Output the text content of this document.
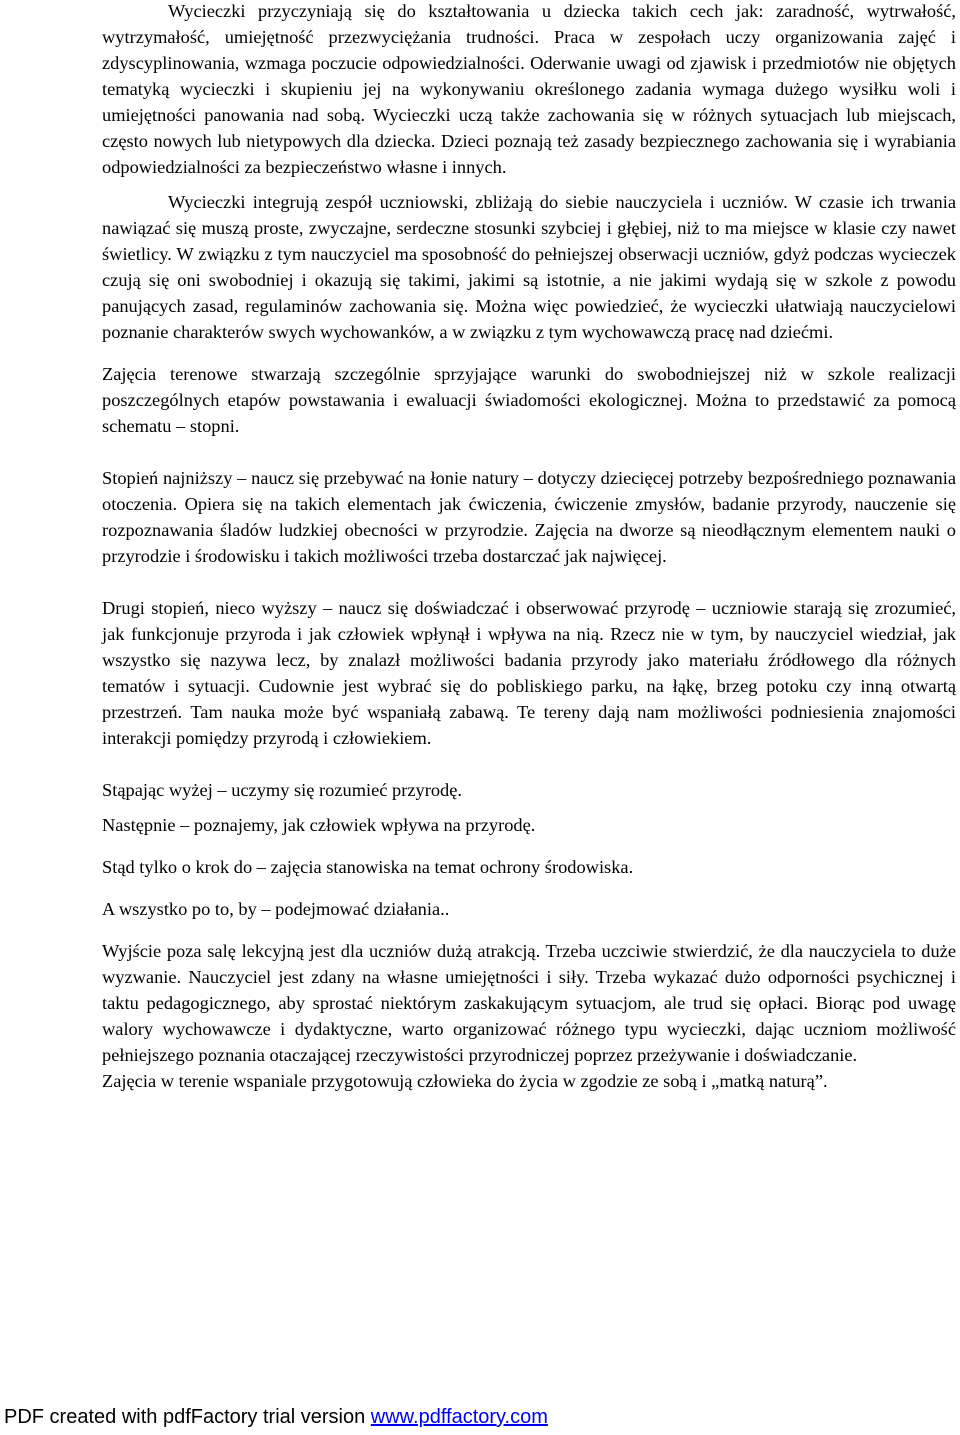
Wycieczki przyczyniają się do kształtowania u dziecka takich cech jak: zaradność, wytrwałość, wytrzymałość, umiejętność przezwyciężania trudności. Praca w zespołach uczy organizowania zajęć i zdyscyplinowania, wzmaga poczucie odpowiedzialności. Oderwanie uwagi od zjawisk i przedmiotów nie objętych tematyką wycieczki i skupieniu jej na wykonywaniu określonego zadania wymaga dużego wysiłku woli i umiejętności panowania nad sobą. Wycieczki uczą także zachowania się w różnych sytuacjach lub miejscach, często nowych lub nietypowych dla dziecka. Dzieci poznają też zasady bezpiecznego zachowania się i wyrabiania odpowiedzialności za bezpieczeństwo własne i innych.

Wycieczki integrują zespół uczniowski, zbliżają do siebie nauczyciela i uczniów. W czasie ich trwania nawiązać się muszą proste, zwyczajne, serdeczne stosunki szybciej i głębiej, niż to ma miejsce w klasie czy nawet świetlicy. W związku z tym nauczyciel ma sposobność do pełniejszej obserwacji uczniów, gdyż podczas wycieczek czują się oni swobodniej i okazują się takimi, jakimi są istotnie, a nie jakimi wydają się w szkole z powodu panujących zasad, regulaminów zachowania się. Można więc powiedzieć, że wycieczki ułatwiają nauczycielowi poznanie charakterów swych wychowanków, a w związku z tym wychowawczą pracę nad dziećmi.

Zajęcia terenowe stwarzają szczególnie sprzyjające warunki do swobodniejszej niż w szkole realizacji poszczególnych etapów powstawania i ewaluacji świadomości ekologicznej. Można to przedstawić za pomocą schematu – stopni.

Stopień najniższy – naucz się przebywać na łonie natury – dotyczy dziecięcej potrzeby bezpośredniego poznawania otoczenia. Opiera się na takich elementach jak ćwiczenia, ćwiczenie zmysłów, badanie przyrody, nauczenie się rozpoznawania śladów ludzkiej obecności w przyrodzie. Zajęcia na dworze są nieodłącznym elementem nauki o przyrodzie i środowisku i takich możliwości trzeba dostarczać jak najwięcej.

Drugi stopień, nieco wyższy – naucz się doświadczać i obserwować przyrodę – uczniowie starają się zrozumieć, jak funkcjonuje przyroda i jak człowiek wpłynął i wpływa na nią. Rzecz nie w tym, by nauczyciel wiedział, jak wszystko się nazywa lecz, by znalazł możliwości badania przyrody jako materiału źródłowego dla różnych tematów i sytuacji. Cudownie jest wybrać się do pobliskiego parku, na łąkę, brzeg potoku czy inną otwartą przestrzeń. Tam nauka może być wspaniałą zabawą. Te tereny dają nam możliwości podniesienia znajomości interakcji pomiędzy przyrodą i człowiekiem.

Stąpając wyżej – uczymy się rozumieć przyrodę.

Następnie – poznajemy, jak człowiek wpływa na przyrodę.

Stąd tylko o krok do – zajęcia stanowiska na temat ochrony środowiska.

A wszystko po to, by – podejmować działania..

Wyjście poza salę lekcyjną jest dla uczniów dużą atrakcją. Trzeba uczciwie stwierdzić, że dla nauczyciela to duże wyzwanie. Nauczyciel jest zdany na własne umiejętności i siły. Trzeba wykazać dużo odporności psychicznej i taktu pedagogicznego, aby sprostać niektórym zaskakującym sytuacjom, ale trud się opłaci. Biorąc pod uwagę walory wychowawcze i dydaktyczne, warto organizować różnego typu wycieczki, dając uczniom możliwość pełniejszego poznania otaczającej rzeczywistości przyrodniczej poprzez przeżywanie i doświadczanie.

Zajęcia w terenie wspaniale przygotowują człowieka do życia w zgodzie ze sobą i „matką naturą”.

PDF created with pdfFactory trial version www.pdffactory.com
